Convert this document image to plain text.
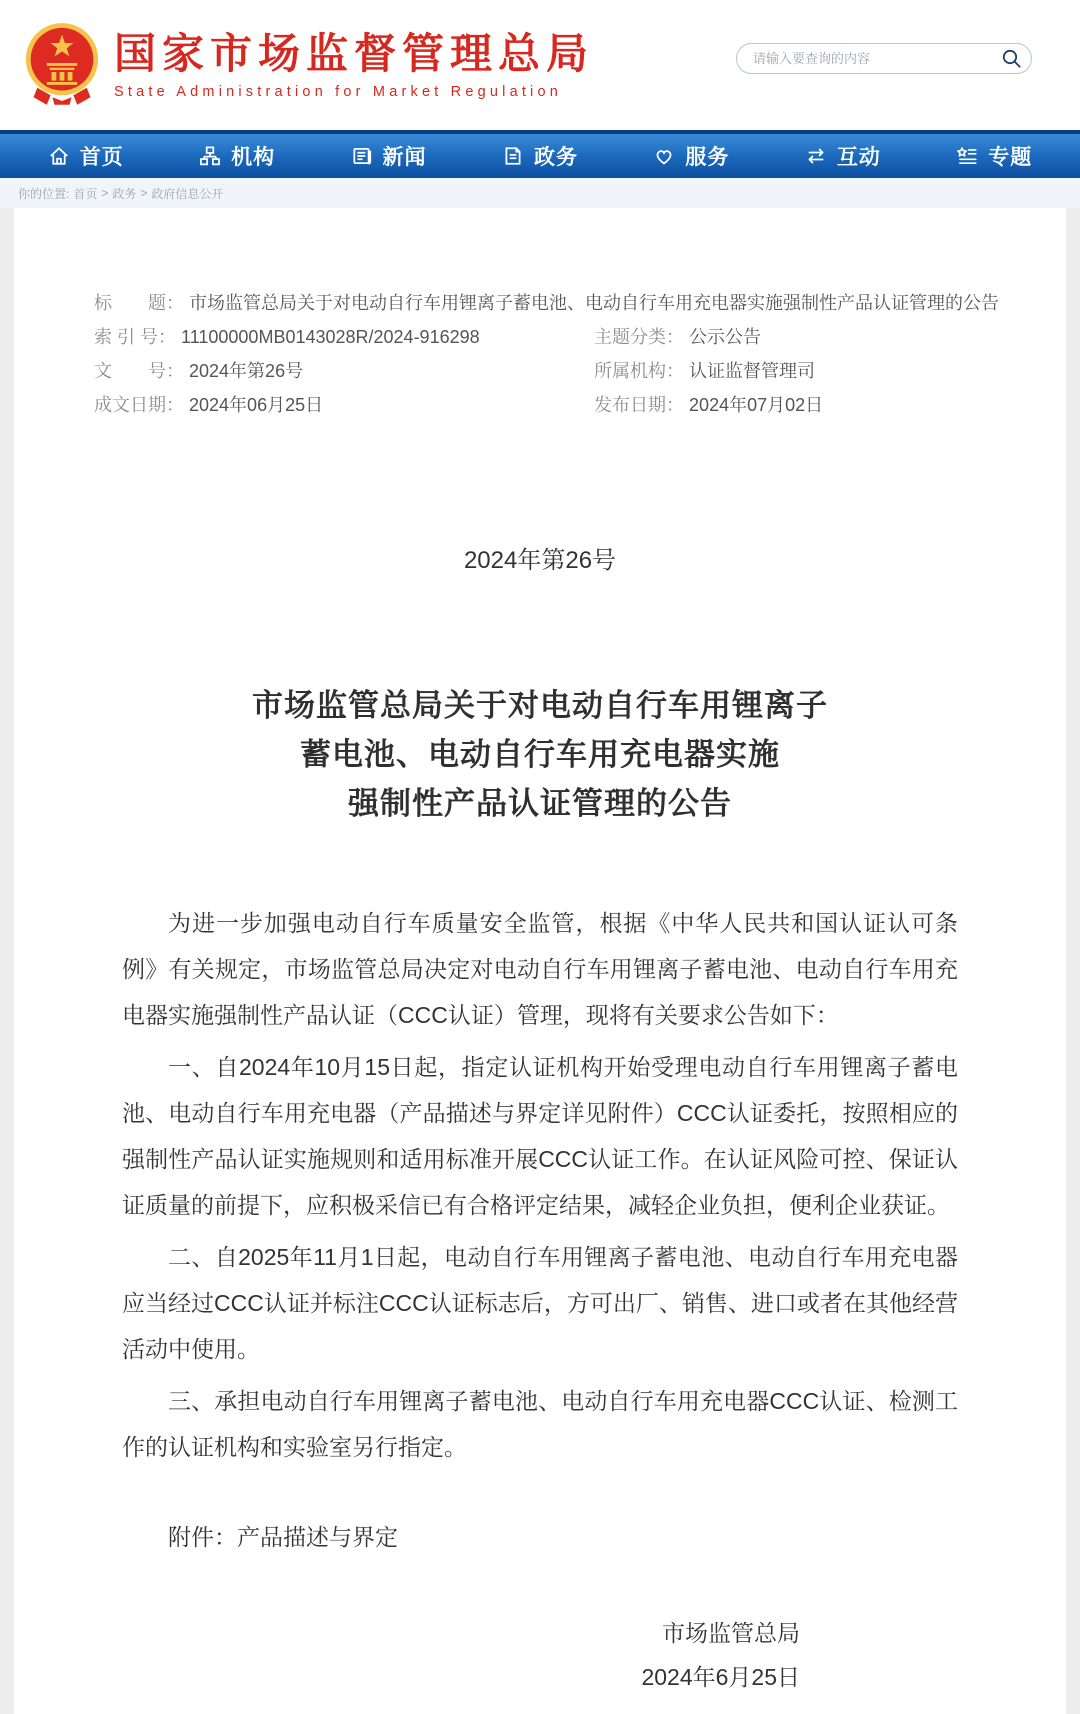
国家市场监督管理总局
State Administration for Market Regulation
请输入要查询的内容
首页	机构	新闻	政务	服务	互动	专题
你的位置: 首页 > 政务 > 政府信息公开
标　　题： 市场监管总局关于对电动自行车用锂离子蓄电池、电动自行车用充电器实施强制性产品认证管理的公告
索 引 号： 11100000MB0143028R/2024-916298	主题分类： 公示公告
文　　号： 2024年第26号	所属机构： 认证监督管理司
成文日期： 2024年06月25日	发布日期： 2024年07月02日
2024年第26号
市场监管总局关于对电动自行车用锂离子
蓄电池、电动自行车用充电器实施
强制性产品认证管理的公告

为进一步加强电动自行车质量安全监管，根据《中华人民共和国认证认可条例》有关规定，市场监管总局决定对电动自行车用锂离子蓄电池、电动自行车用充电器实施强制性产品认证（CCC认证）管理，现将有关要求公告如下：

一、自2024年10月15日起，指定认证机构开始受理电动自行车用锂离子蓄电池、电动自行车用充电器（产品描述与界定详见附件）CCC认证委托，按照相应的强制性产品认证实施规则和适用标准开展CCC认证工作。在认证风险可控、保证认证质量的前提下，应积极采信已有合格评定结果，减轻企业负担，便利企业获证。

二、自2025年11月1日起，电动自行车用锂离子蓄电池、电动自行车用充电器应当经过CCC认证并标注CCC认证标志后，方可出厂、销售、进口或者在其他经营活动中使用。

三、承担电动自行车用锂离子蓄电池、电动自行车用充电器CCC认证、检测工作的认证机构和实验室另行指定。

附件：产品描述与界定

市场监管总局
2024年6月25日
